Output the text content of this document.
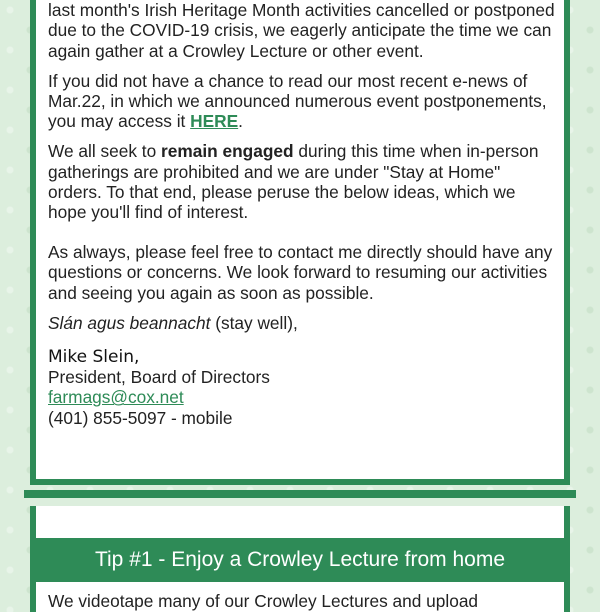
last month's Irish Heritage Month activities cancelled or postponed due to the COVID-19 crisis, we eagerly anticipate the time we can again gather at a Crowley Lecture or other event.

If you did not have a chance to read our most recent e-news of Mar.22, in which we announced numerous event postponements, you may access it HERE.

We all seek to remain engaged during this time when in-person gatherings are prohibited and we are under "Stay at Home" orders. To that end, please peruse the below ideas, which we hope you'll find of interest.

As always, please feel free to contact me directly should have any questions or concerns. We look forward to resuming our activities and seeing you again as soon as possible.

Slán agus beannacht (stay well),

Mike Slein,

President, Board of Directors

farmags@cox.net

(401) 855-5097 - mobile

Tip #1 - Enjoy a Crowley Lecture from home
We videotape many of our Crowley Lectures and upload
